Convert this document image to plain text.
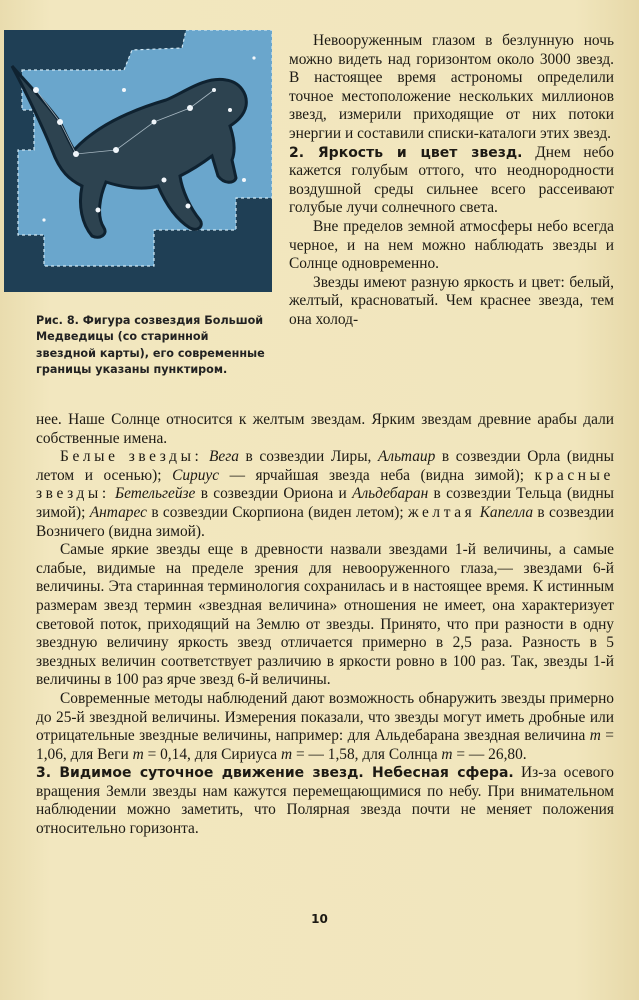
Рис. 8. Фигура созвездия Большой Медведицы (со старинной звездной карты), его современные границы указаны пунктиром.

Невооруженным глазом в безлунную ночь можно видеть над горизонтом около 3000 звезд. В настоящее время астрономы определили точное местоположение нескольких миллионов звезд, измерили приходящие от них потоки энергии и составили списки-каталоги этих звезд.

2. Яркость и цвет звезд. Днем небо кажется голубым оттого, что неоднородности воздушной среды сильнее всего рассеивают голубые лучи солнечного света.

Вне пределов земной атмосферы небо всегда черное, и на нем можно наблюдать звезды и Солнце одновременно.

Звезды имеют разную яркость и цвет: белый, желтый, красноватый. Чем краснее звезда, тем она холод-

нее. Наше Солнце относится к желтым звездам. Ярким звездам древние арабы дали собственные имена.

Белые звезды: Вега в созвездии Лиры, Альтаир в созвездии Орла (видны летом и осенью); Сириус — ярчайшая звезда неба (видна зимой); красные звезды: Бетельгейзе в созвездии Ориона и Альдебаран в созвездии Тельца (видны зимой); Антарес в созвездии Скорпиона (виден летом); желтая Капелла в созвездии Возничего (видна зимой).

Самые яркие звезды еще в древности назвали звездами 1-й величины, а самые слабые, видимые на пределе зрения для невооруженного глаза,— звездами 6-й величины. Эта старинная терминология сохранилась и в настоящее время. К истинным размерам звезд термин «звездная величина» отношения не имеет, она характеризует световой поток, приходящий на Землю от звезды. Принято, что при разности в одну звездную величину яркость звезд отличается примерно в 2,5 раза. Разность в 5 звездных величин соответствует различию в яркости ровно в 100 раз. Так, звезды 1-й величины в 100 раз ярче звезд 6-й величины.

Современные методы наблюдений дают возможность обнаружить звезды примерно до 25-й звездной величины. Измерения показали, что звезды могут иметь дробные или отрицательные звездные величины, например: для Альдебарана звездная величина m = 1,06, для Веги m = 0,14, для Сириуса m = — 1,58, для Солнца m = — 26,80.

3. Видимое суточное движение звезд. Небесная сфера. Из-за осевого вращения Земли звезды нам кажутся перемещающимися по небу. При внимательном наблюдении можно заметить, что Полярная звезда почти не меняет положения относительно горизонта.

10
